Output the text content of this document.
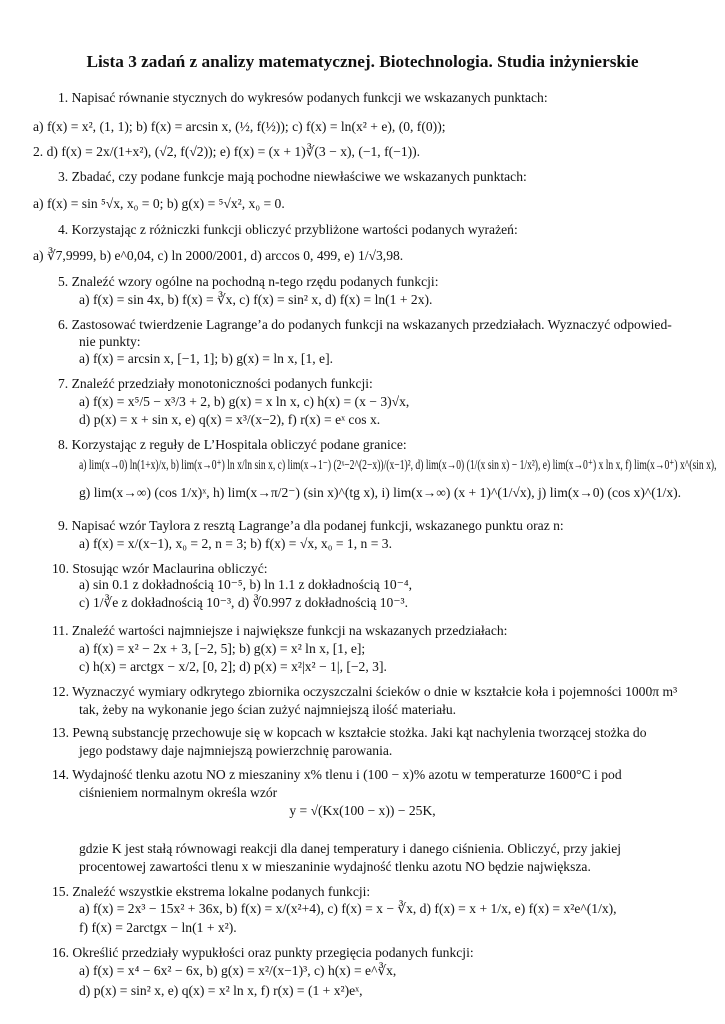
Lista 3 zadań z analizy matematycznej. Biotechnologia. Studia inżynierskie
1. Napisać równanie stycznych do wykresów podanych funkcji we wskazanych punktach:
a) f(x) = x², (1, 1); b) f(x) = arcsin x, (½, f(½)); c) f(x) = ln(x² + e), (0, f(0));
2. d) f(x) = 2x/(1+x²), (√2, f(√2)); e) f(x) = (x + 1)∛(3 − x), (−1, f(−1)).
3. Zbadać, czy podane funkcje mają pochodne niewłaściwe we wskazanych punktach:
a) f(x) = sin ⁵√x, x₀ = 0; b) g(x) = ⁵√x², x₀ = 0.
4. Korzystając z różniczki funkcji obliczyć przybliżone wartości podanych wyrażeń:
a) ∛7,9999, b) e^0,04, c) ln 2000/2001, d) arccos 0, 499, e) 1/√3,98.
5. Znaleźć wzory ogólne na pochodną n-tego rzędu podanych funkcji:
a) f(x) = sin 4x, b) f(x) = ∛x, c) f(x) = sin² x, d) f(x) = ln(1 + 2x).
6. Zastosować twierdzenie Lagrange’a do podanych funkcji na wskazanych przedziałach. Wyznaczyć odpowied-
nie punkty:
a) f(x) = arcsin x, [−1, 1]; b) g(x) = ln x, [1, e].
7. Znaleźć przedziały monotoniczności podanych funkcji:
a) f(x) = x⁵/5 − x³/3 + 2, b) g(x) = x ln x, c) h(x) = (x − 3)√x,
d) p(x) = x + sin x, e) q(x) = x³/(x−2), f) r(x) = eˣ cos x.
8. Korzystając z reguły de L’Hospitala obliczyć podane granice:
a) lim(x→0) ln(1+x)/x, b) lim(x→0⁺) ln x/ln sin x, c) lim(x→1⁻) (2ˣ−2^(2−x))/(x−1)², d) lim(x→0) (1/(x sin x) − 1/x²), e) lim(x→0⁺) x ln x, f) lim(x→0⁺) x^(sin x),
g) lim(x→∞) (cos 1/x)ˣ, h) lim(x→π/2⁻) (sin x)^(tg x), i) lim(x→∞) (x + 1)^(1/√x), j) lim(x→0) (cos x)^(1/x).
9. Napisać wzór Taylora z resztą Lagrange’a dla podanej funkcji, wskazanego punktu oraz n:
a) f(x) = x/(x−1), x₀ = 2, n = 3; b) f(x) = √x, x₀ = 1, n = 3.
10. Stosując wzór Maclaurina obliczyć:
a) sin 0.1 z dokładnością 10⁻⁵, b) ln 1.1 z dokładnością 10⁻⁴,
c) 1/∛e z dokładnością 10⁻³, d) ∛0.997 z dokładnością 10⁻³.
11. Znaleźć wartości najmniejsze i największe funkcji na wskazanych przedziałach:
a) f(x) = x² − 2x + 3, [−2, 5]; b) g(x) = x² ln x, [1, e];
c) h(x) = arctgx − x/2, [0, 2]; d) p(x) = x²|x² − 1|, [−2, 3].
12. Wyznaczyć wymiary odkrytego zbiornika oczyszczalni ścieków o dnie w kształcie koła i pojemności 1000π m³
tak, żeby na wykonanie jego ścian zużyć najmniejszą ilość materiału.
13. Pewną substancję przechowuje się w kopcach w kształcie stożka. Jaki kąt nachylenia tworzącej stożka do
jego podstawy daje najmniejszą powierzchnię parowania.
14. Wydajność tlenku azotu NO z mieszaniny x% tlenu i (100 − x)% azotu w temperaturze 1600°C i pod
ciśnieniem normalnym określa wzór
gdzie K jest stałą równowagi reakcji dla danej temperatury i danego ciśnienia. Obliczyć, przy jakiej
procentowej zawartości tlenu x w mieszaninie wydajność tlenku azotu NO będzie największa.
15. Znaleźć wszystkie ekstrema lokalne podanych funkcji:
a) f(x) = 2x³ − 15x² + 36x, b) f(x) = x/(x²+4), c) f(x) = x − ∛x, d) f(x) = x + 1/x, e) f(x) = x²e^(1/x),
f) f(x) = 2arctgx − ln(1 + x²).
16. Określić przedziały wypukłości oraz punkty przegięcia podanych funkcji:
a) f(x) = x⁴ − 6x² − 6x, b) g(x) = x²/(x−1)³, c) h(x) = e^∛x,
d) p(x) = sin² x, e) q(x) = x² ln x, f) r(x) = (1 + x²)eˣ,
y = √(Kx(100 − x)) − 25K,
